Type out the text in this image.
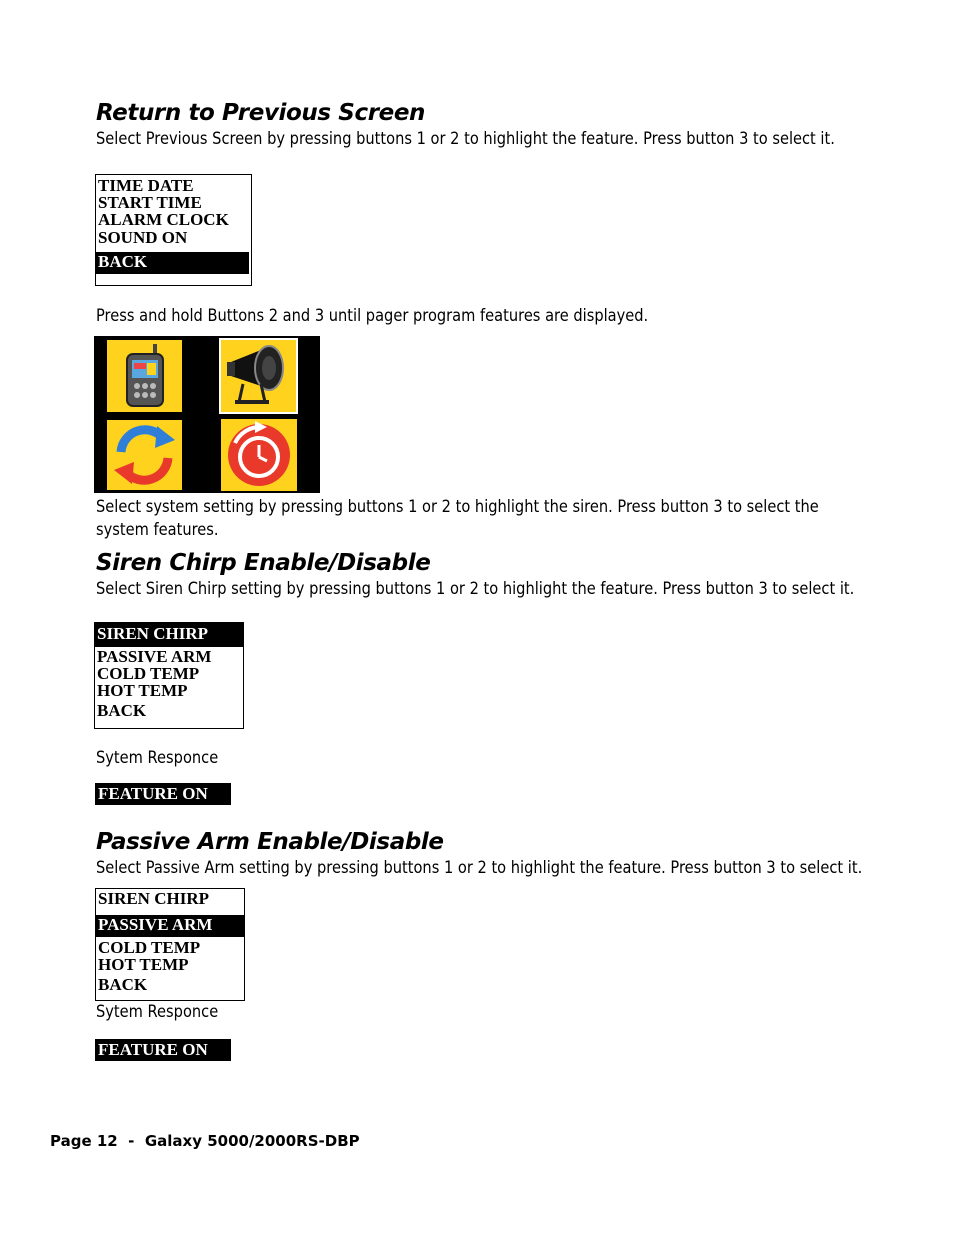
Return to Previous Screen
Select Previous Screen by pressing buttons 1 or 2 to highlight the feature. Press button 3 to select it.
TIME DATE
START TIME
ALARM CLOCK
SOUND ON
BACK
Press and hold Buttons 2 and 3 until pager program features are displayed.
Select system setting by pressing buttons 1 or 2 to highlight the siren. Press button 3 to select the
system features.
Siren Chirp Enable/Disable
Select Siren Chirp setting by pressing buttons 1 or 2 to highlight the feature. Press button 3 to select it.
SIREN CHIRP
PASSIVE ARM
COLD TEMP
HOT TEMP
BACK
Sytem Responce
FEATURE ON
Passive Arm Enable/Disable
Select Passive Arm setting by pressing buttons 1 or 2 to highlight the feature. Press button 3 to select it.
SIREN CHIRP
PASSIVE ARM
COLD TEMP
HOT TEMP
BACK
Sytem Responce
FEATURE ON
Page 12  -  Galaxy 5000/2000RS-DBP
